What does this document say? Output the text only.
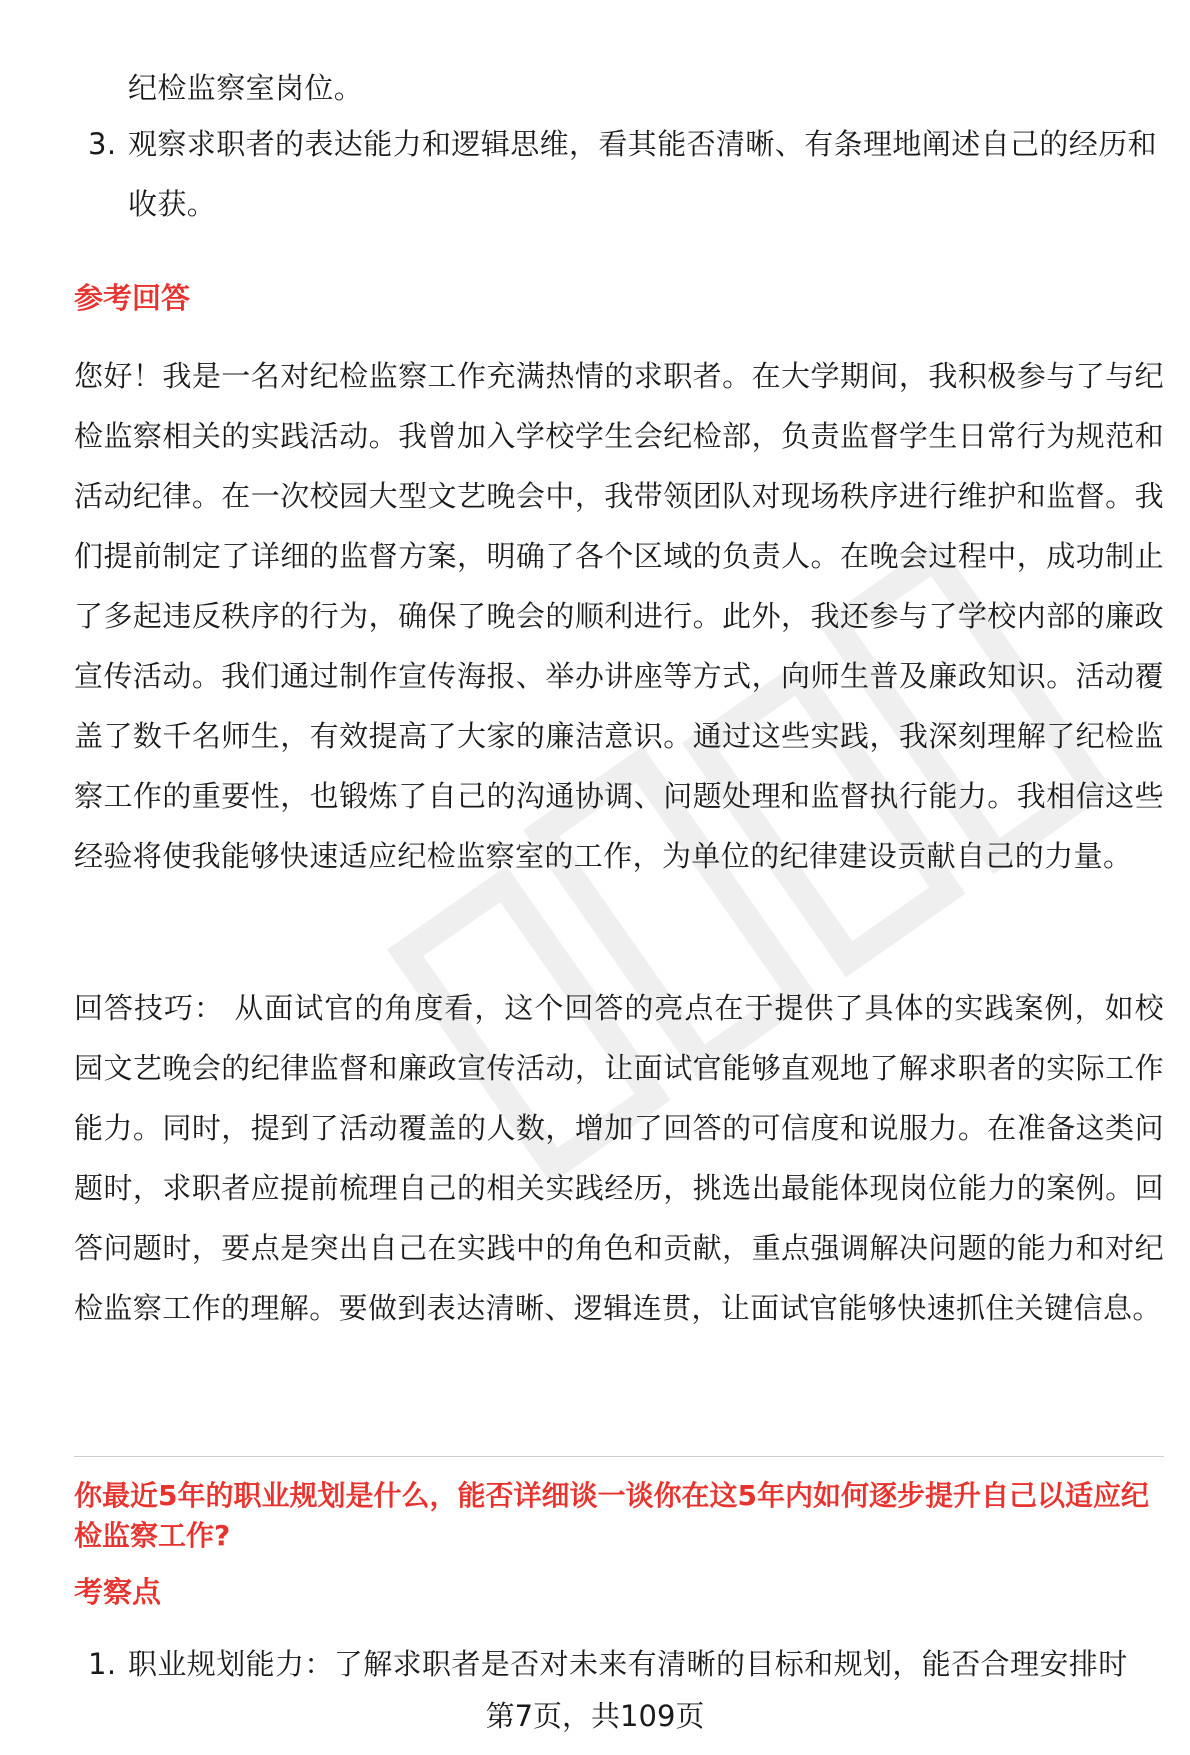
纪检监察室岗位。
3. 观察求职者的表达能力和逻辑思维，看其能否清晰、有条理地阐述自己的经历和收获。
参考回答
您好！我是一名对纪检监察工作充满热情的求职者。在大学期间，我积极参与了与纪检监察相关的实践活动。我曾加入学校学生会纪检部，负责监督学生日常行为规范和活动纪律。在一次校园大型文艺晚会中，我带领团队对现场秩序进行维护和监督。我们提前制定了详细的监督方案，明确了各个区域的负责人。在晚会过程中，成功制止了多起违反秩序的行为，确保了晚会的顺利进行。此外，我还参与了学校内部的廉政宣传活动。我们通过制作宣传海报、举办讲座等方式，向师生普及廉政知识。活动覆盖了数千名师生，有效提高了大家的廉洁意识。通过这些实践，我深刻理解了纪检监察工作的重要性，也锻炼了自己的沟通协调、问题处理和监督执行能力。我相信这些经验将使我能够快速适应纪检监察室的工作，为单位的纪律建设贡献自己的力量。
回答技巧： 从面试官的角度看，这个回答的亮点在于提供了具体的实践案例，如校园文艺晚会的纪律监督和廉政宣传活动，让面试官能够直观地了解求职者的实际工作能力。同时，提到了活动覆盖的人数，增加了回答的可信度和说服力。在准备这类问题时，求职者应提前梳理自己的相关实践经历，挑选出最能体现岗位能力的案例。回答问题时，要点是突出自己在实践中的角色和贡献，重点强调解决问题的能力和对纪检监察工作的理解。要做到表达清晰、逻辑连贯，让面试官能够快速抓住关键信息。
你最近5年的职业规划是什么，能否详细谈一谈你在这5年内如何逐步提升自己以适应纪检监察工作?
考察点
1. 职业规划能力：了解求职者是否对未来有清晰的目标和规划，能否合理安排时
第7页，共109页
